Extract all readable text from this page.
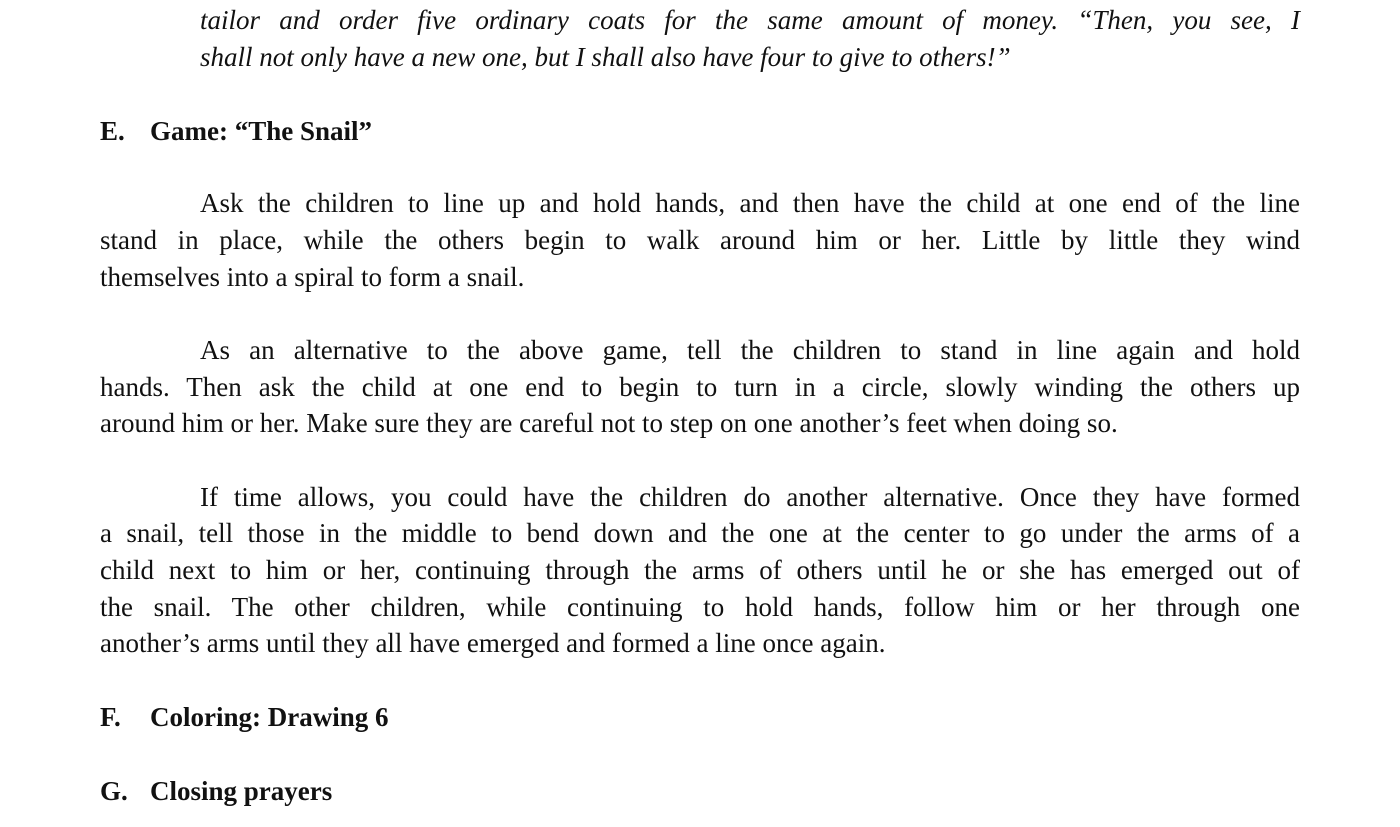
tailor and order five ordinary coats for the same amount of money. “Then, you see, I
shall not only have a new one, but I shall also have four to give to others!”
E. Game: “The Snail”
Ask the children to line up and hold hands, and then have the child at one end of the line
stand in place, while the others begin to walk around him or her. Little by little they wind
themselves into a spiral to form a snail.
As an alternative to the above game, tell the children to stand in line again and hold
hands. Then ask the child at one end to begin to turn in a circle, slowly winding the others up
around him or her. Make sure they are careful not to step on one another’s feet when doing so.
If time allows, you could have the children do another alternative. Once they have formed
a snail, tell those in the middle to bend down and the one at the center to go under the arms of a
child next to him or her, continuing through the arms of others until he or she has emerged out of
the snail. The other children, while continuing to hold hands, follow him or her through one
another’s arms until they all have emerged and formed a line once again.
F. Coloring: Drawing 6
G. Closing prayers
